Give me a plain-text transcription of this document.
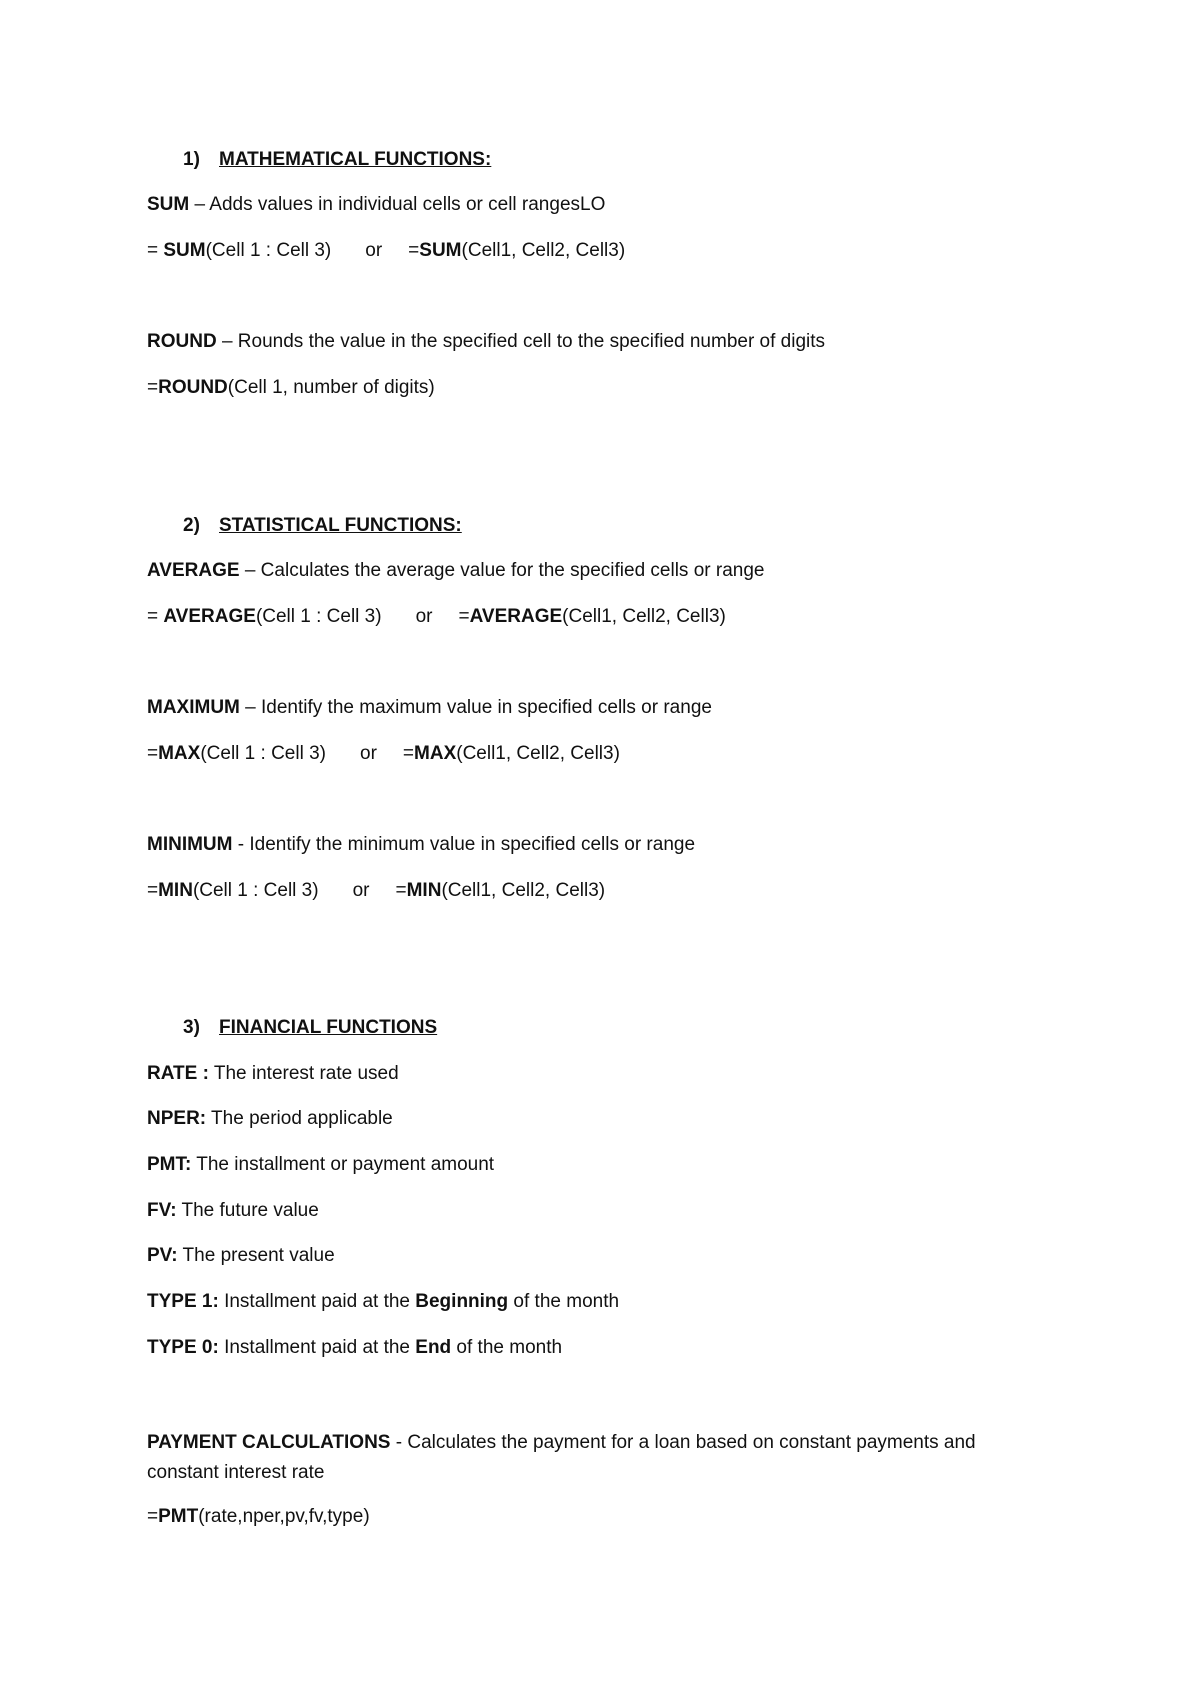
1) MATHEMATICAL FUNCTIONS:
SUM – Adds values in individual cells or cell rangesLO
= SUM(Cell 1 : Cell 3) or =SUM(Cell1, Cell2, Cell3)
ROUND – Rounds the value in the specified cell to the specified number of digits
=ROUND(Cell 1, number of digits)
2) STATISTICAL FUNCTIONS:
AVERAGE – Calculates the average value for the specified cells or range
= AVERAGE(Cell 1 : Cell 3) or =AVERAGE(Cell1, Cell2, Cell3)
MAXIMUM – Identify the maximum value in specified cells or range
=MAX(Cell 1 : Cell 3) or =MAX(Cell1, Cell2, Cell3)
MINIMUM - Identify the minimum value in specified cells or range
=MIN(Cell 1 : Cell 3) or =MIN(Cell1, Cell2, Cell3)
3) FINANCIAL FUNCTIONS
RATE : The interest rate used
NPER: The period applicable
PMT: The installment or payment amount
FV: The future value
PV: The present value
TYPE 1: Installment paid at the Beginning of the month
TYPE 0: Installment paid at the End of the month
PAYMENT CALCULATIONS - Calculates the payment for a loan based on constant payments and constant interest rate
=PMT(rate,nper,pv,fv,type)
